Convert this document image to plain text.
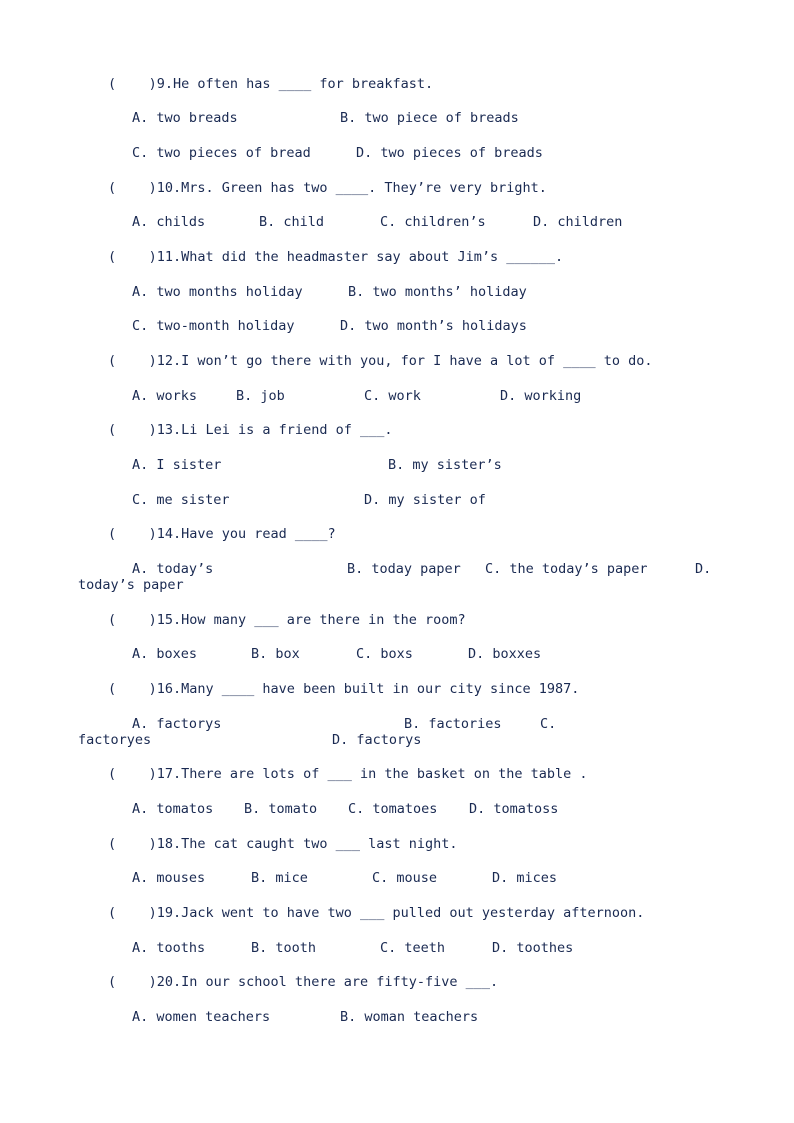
(    )9.He often has ____ for breakfast.
A. two breads	B. two piece of breads
C. two pieces of bread	D. two pieces of breads
(    )10.Mrs. Green has two ____. They’re very bright.
A. childs	B. child	C. children’s	D. children
(    )11.What did the headmaster say about Jim’s ______.
A. two months holiday	B. two months’ holiday
C. two-month holiday	D. two month’s holidays
(    )12.I won’t go there with you, for I have a lot of ____ to do.
A. works	B. job	C. work	D. working
(    )13.Li Lei is a friend of ___.
A. I sister	B. my sister’s
C. me sister	D. my sister of
(    )14.Have you read ____?
A. today’s	B. today paper C. the today’s paper	D.
today’s paper
(    )15.How many ___ are there in the room?
A. boxes	B. box	C. boxs	D. boxxes
(    )16.Many ____ have been built in our city since 1987.
A. factorys	B. factories	C.
factoryes	D. factorys
(    )17.There are lots of ___ in the basket on the table .
A. tomatos B. tomato C. tomatoes D. tomatoss
(    )18.The cat caught two ___ last night.
A. mouses	B. mice	C. mouse	D. mices
(    )19.Jack went to have two ___ pulled out yesterday afternoon.
A. tooths	B. tooth	C. teeth	D. toothes
(    )20.In our school there are fifty-five ___.
A. women teachers	B. woman teachers
